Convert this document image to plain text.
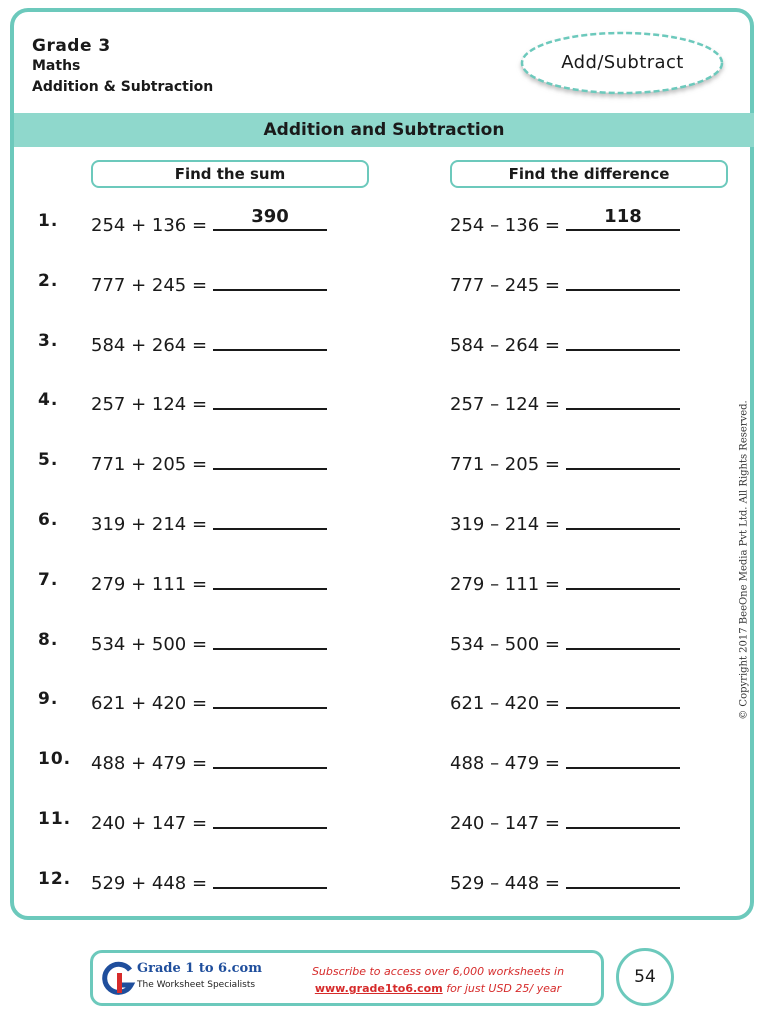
Grade 3
Maths
Addition & Subtraction
Add/Subtract
Addition and Subtraction
Find the sum	Find the difference
1. 254 + 136 =	390	254 – 136 =	118
2. 777 + 245 =	777 – 245 =
3. 584 + 264 =	584 – 264 =
4. 257 + 124 =	257 – 124 =
5. 771 + 205 =	771 – 205 =
6. 319 + 214 =	319 – 214 =
7. 279 + 111 =	279 – 111 =
8. 534 + 500 =	534 – 500 =
9. 621 + 420 =	621 – 420 =
10. 488 + 479 =	488 – 479 =
11. 240 + 147 =	240 – 147 =
12. 529 + 448 =	529 – 448 =
© Copyright 2017 BeeOne Media Pvt Ltd. All Rights Reserved.
Grade 1 to 6.com
The Worksheet Specialists
Subscribe to access over 6,000 worksheets in
www.grade1to6.com for just USD 25/ year
54
